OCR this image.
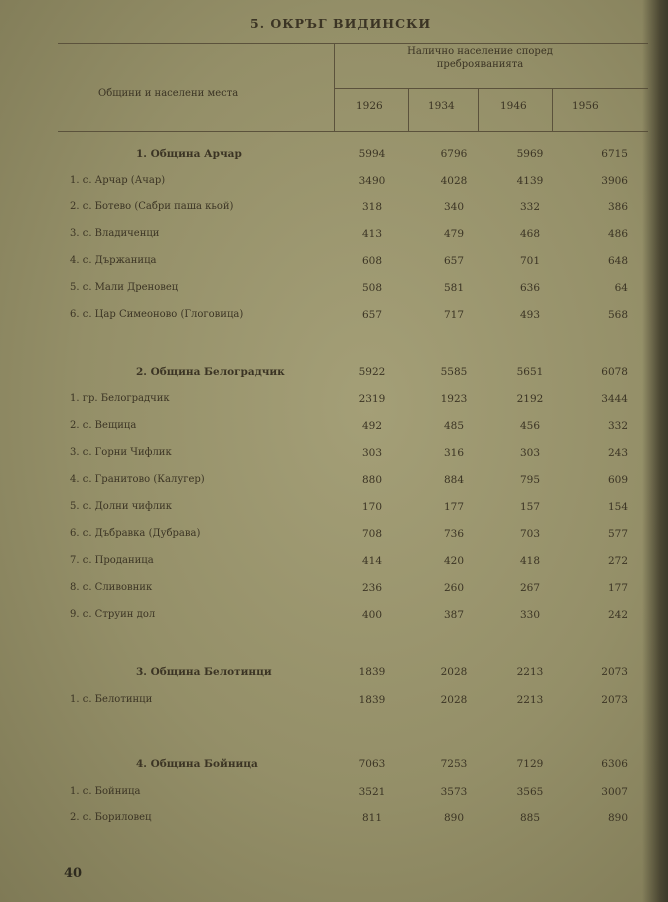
5. ОКРЪГ ВИДИНСКИ
Общини и населени места
Налично население според
преброяванията
1926	1934	1946	1956
1. Община Арчар	5994	6796	5969	6715
1. с. Арчар (Ачар)	3490	4028	4139	3906
2. с. Ботево (Сабри паша кьой)	318	340	332	386
3. с. Владиченци	413	479	468	486
4. с. Държаница	608	657	701	648
5. с. Мали Дреновец	508	581	636	64
6. с. Цар Симеоново (Глоговица)	657	717	493	568
2. Община Белоградчик	5922	5585	5651	6078
1. гр. Белоградчик	2319	1923	2192	3444
2. с. Вещица	492	485	456	332
3. с. Горни Чифлик	303	316	303	243
4. с. Гранитово (Калугер)	880	884	795	609
5. с. Долни чифлик	170	177	157	154
6. с. Дъбравка (Дубрава)	708	736	703	577
7. с. Проданица	414	420	418	272
8. с. Сливовник	236	260	267	177
9. с. Струин дол	400	387	330	242
3. Община Белотинци	1839	2028	2213	2073
1. с. Белотинци	1839	2028	2213	2073
4. Община Бойница	7063	7253	7129	6306
1. с. Бойница	3521	3573	3565	3007
2. с. Бориловец	811	890	885	890
40
